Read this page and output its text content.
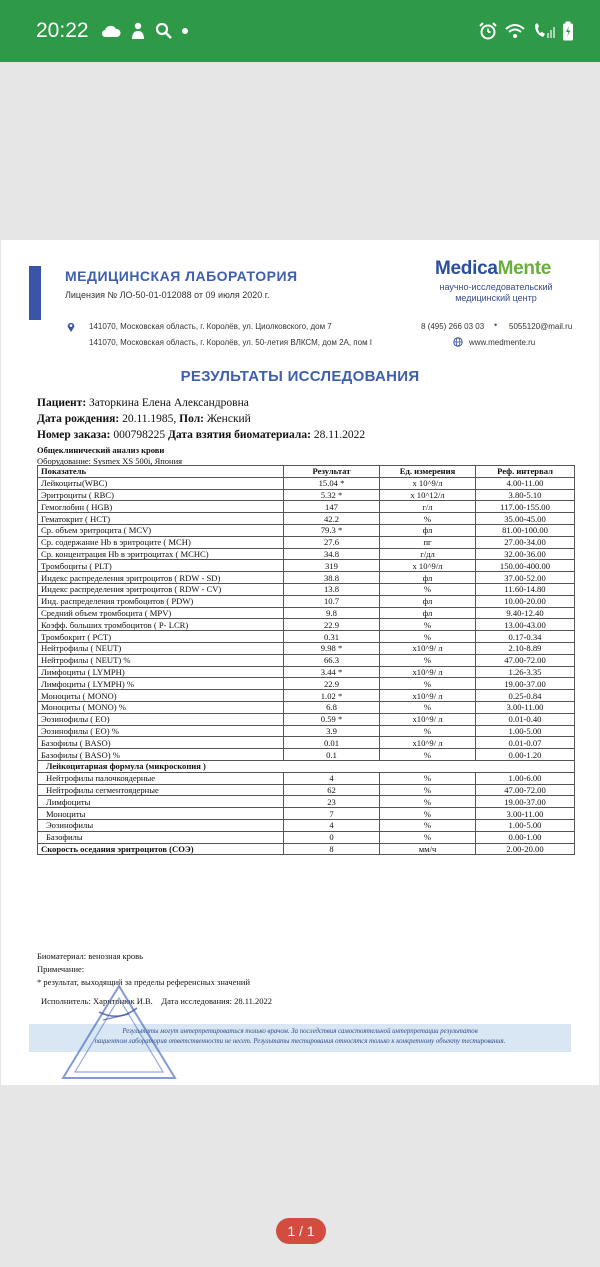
20:22
МЕДИЦИНСКАЯ ЛАБОРАТОРИЯ
Лицензия № ЛО-50-01-012088 от 09 июля 2020 г.
MedicaMente
научно-исследовательский
медицинский центр
141070, Московская область, г. Королёв, ул. Циолковского, дом 7
141070, Московская область, г. Королёв, ул. 50-летия ВЛКСМ, дом 2А, пом I
8 (495) 266 03 03 • 5055120@mail.ru
www.medmente.ru
РЕЗУЛЬТАТЫ ИССЛЕДОВАНИЯ
Пациент: Заторкина Елена Александровна
Дата рождения: 20.11.1985, Пол: Женский
Номер заказа: 000798225 Дата взятия биоматериала: 28.11.2022
Общеклинический анализ крови
Оборудование: Sysmex XS 500i, Япония
Показатель	Результат	Ед. измерения	Реф. интервал
Лейкоциты(WBC)	15.04 *	x 10^9/л	4.00-11.00
Эритроциты ( RBC)	5.32 *	x 10^12/л	3.80-5.10
Гемоглобин ( HGB)	147	г/л	117.00-155.00
Гематокрит ( HCT)	42.2	%	35.00-45.00
Ср. объем эритроцита ( MCV)	79.3 *	фл	81.00-100.00
Ср. содержание Hb в эритроците ( MCH)	27.6	пг	27.00-34.00
Ср. концентрация Hb в эритроцитах ( MCHC)	34.8	г/дл	32.00-36.00
Тромбоциты ( PLT)	319	x 10^9/л	150.00-400.00
Индекс распределения эритроцитов ( RDW - SD)	38.8	фл	37.00-52.00
Индекс распределения эритроцитов ( RDW - CV)	13.8	%	11.60-14.80
Инд. распределения тромбоцитов ( PDW)	10.7	фл	10.00-20.00
Средний объем тромбоцита ( MPV)	9.8	фл	9.40-12.40
Коэфф. больших тромбоцитов ( P- LCR)	22.9	%	13.00-43.00
Тромбокрит ( PCT)	0.31	%	0.17-0.34
Нейтрофилы ( NEUT)	9.98 *	x10^9/ л	2.10-8.89
Нейтрофилы ( NEUT) %	66.3	%	47.00-72.00
Лимфоциты ( LYMPH)	3.44 *	x10^9/ л	1.26-3.35
Лимфоциты ( LYMPH) %	22.9	%	19.00-37.00
Моноциты ( MONO)	1.02 *	x10^9/ л	0.25-0.84
Моноциты ( MONO) %	6.8	%	3.00-11.00
Эозинофилы ( EO)	0.59 *	x10^9/ л	0.01-0.40
Эозинофилы ( EO) %	3.9	%	1.00-5.00
Базофилы ( BASO)	0.01	x10^9/ л	0.01-0.07
Базофилы ( BASO) %	0.1	%	0.00-1.20
Лейкоцитарная формула (микроскопия )			
Нейтрофилы палочкоядерные	4	%	1.00-6.00
Нейтрофилы сегментоядерные	62	%	47.00-72.00
Лимфоциты	23	%	19.00-37.00
Моноциты	7	%	3.00-11.00
Эозинофилы	4	%	1.00-5.00
Базофилы	0	%	0.00-1.00
Скорость оседания эритроцитов (СОЭ)	8	мм/ч	2.00-20.00
Биоматериал: венозная кровь
Примечание:
* результат, выходящий за пределы референсных значений
Исполнитель: Харитонюк И.В. Дата исследования: 28.11.2022
Результаты могут интерпретироваться только врачом. За последствия самостоятельной интерпретации результатов
пациентом лаборатория ответственности не несет. Результаты тестирования относятся только к конкретному объекту тестирования.
1 / 1
